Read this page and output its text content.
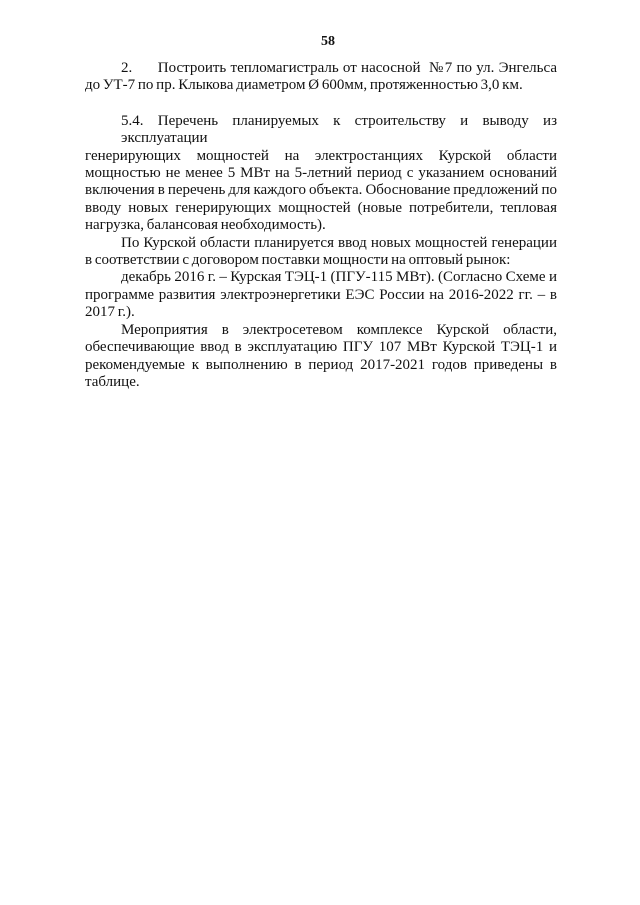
58
2.      Построить тепломагистраль от насосной  №7 по ул. Энгельса
до УТ-7 по пр. Клыкова диаметром Ø 600мм, протяженностью 3,0 км.
5.4. Перечень планируемых к строительству и выводу из эксплуатации
генерирующих мощностей на электростанциях Курской области
мощностью не менее 5 МВт на 5-летний период с указанием оснований
включения в перечень для каждого объекта. Обоснование предложений по
вводу новых генерирующих мощностей (новые потребители, тепловая
нагрузка, балансовая необходимость).
По Курской области планируется ввод новых мощностей генерации
в соответствии с договором поставки мощности на оптовый рынок:
декабрь 2016 г. – Курская ТЭЦ-1 (ПГУ-115 МВт). (Согласно Схеме и
программе развития электроэнергетики ЕЭС России на 2016-2022 гг. – в
2017 г.).
Мероприятия в электросетевом комплексе Курской области,
обеспечивающие ввод в эксплуатацию ПГУ 107 МВт Курской ТЭЦ-1 и
рекомендуемые к выполнению в период 2017-2021 годов приведены в
таблице.
